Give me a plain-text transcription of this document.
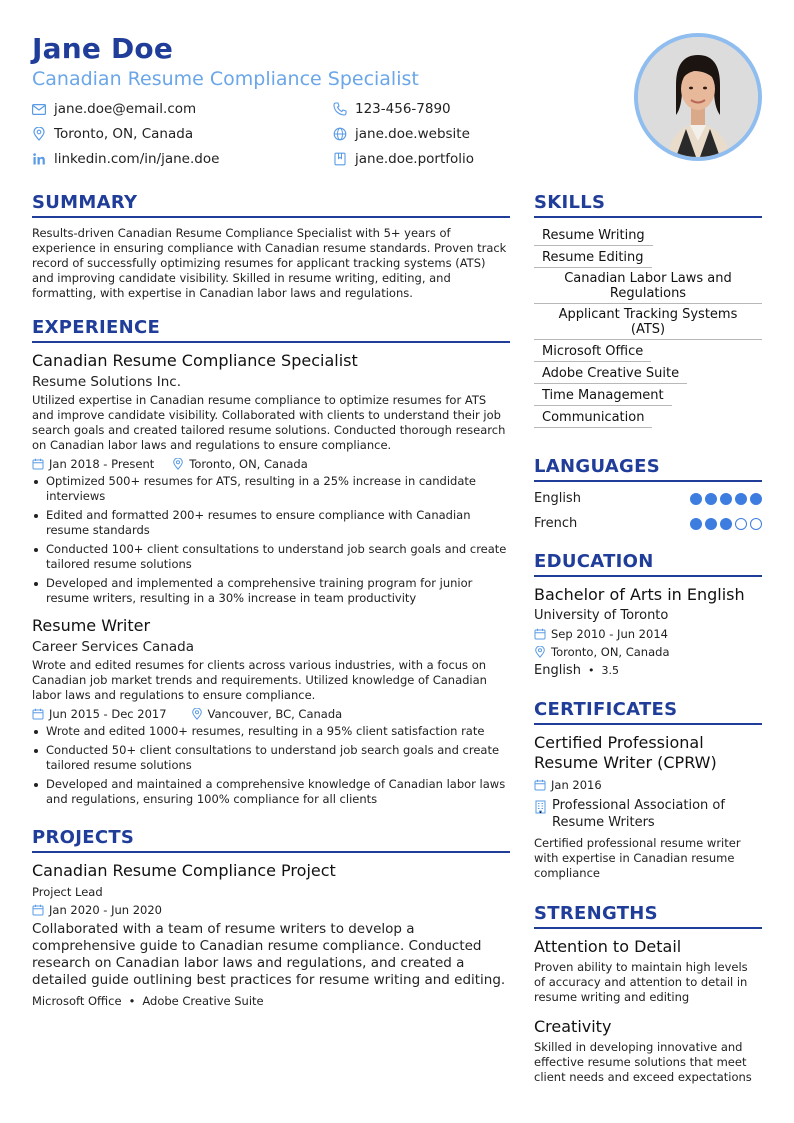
Jane Doe
Canadian Resume Compliance Specialist
jane.doe@email.com	123-456-7890
Toronto, ON, Canada	jane.doe.website
linkedin.com/in/jane.doe	jane.doe.portfolio
SUMMARY

Results-driven Canadian Resume Compliance Specialist with 5+ years of experience in ensuring compliance with Canadian resume standards. Proven track record of successfully optimizing resumes for applicant tracking systems (ATS) and improving candidate visibility. Skilled in resume writing, editing, and formatting, with expertise in Canadian labor laws and regulations.

EXPERIENCE
Canadian Resume Compliance Specialist
Resume Solutions Inc.

Utilized expertise in Canadian resume compliance to optimize resumes for ATS and improve candidate visibility. Collaborated with clients to understand their job search goals and created tailored resume solutions. Conducted thorough research on Canadian labor laws and regulations to ensure compliance.

Jan 2018 - Present	Toronto, ON, Canada
Optimized 500+ resumes for ATS, resulting in a 25% increase in candidate interviews
Edited and formatted 200+ resumes to ensure compliance with Canadian resume standards
Conducted 100+ client consultations to understand job search goals and create tailored resume solutions
Developed and implemented a comprehensive training program for junior resume writers, resulting in a 30% increase in team productivity
Resume Writer
Career Services Canada

Wrote and edited resumes for clients across various industries, with a focus on Canadian job market trends and requirements. Utilized knowledge of Canadian labor laws and regulations to ensure compliance.

Jun 2015 - Dec 2017	Vancouver, BC, Canada
Wrote and edited 1000+ resumes, resulting in a 95% client satisfaction rate
Conducted 50+ client consultations to understand job search goals and create tailored resume solutions
Developed and maintained a comprehensive knowledge of Canadian labor laws and regulations, ensuring 100% compliance for all clients
PROJECTS
Canadian Resume Compliance Project
Project Lead
Jan 2020 - Jun 2020

Collaborated with a team of resume writers to develop a comprehensive guide to Canadian resume compliance. Conducted research on Canadian labor laws and regulations, and created a detailed guide outlining best practices for resume writing and editing.

Microsoft Office • Adobe Creative Suite
SKILLS
Resume Writing
Resume Editing
Canadian Labor Laws and Regulations
Applicant Tracking Systems (ATS)
Microsoft Office
Adobe Creative Suite
Time Management
Communication
LANGUAGES
English
French
EDUCATION
Bachelor of Arts in English
University of Toronto
Sep 2010 - Jun 2014
Toronto, ON, Canada
English • 3.5
CERTIFICATES
Certified Professional Resume Writer (CPRW)
Jan 2016
Professional Association of Resume Writers

Certified professional resume writer with expertise in Canadian resume compliance

STRENGTHS
Attention to Detail

Proven ability to maintain high levels of accuracy and attention to detail in resume writing and editing

Creativity

Skilled in developing innovative and effective resume solutions that meet client needs and exceed expectations
